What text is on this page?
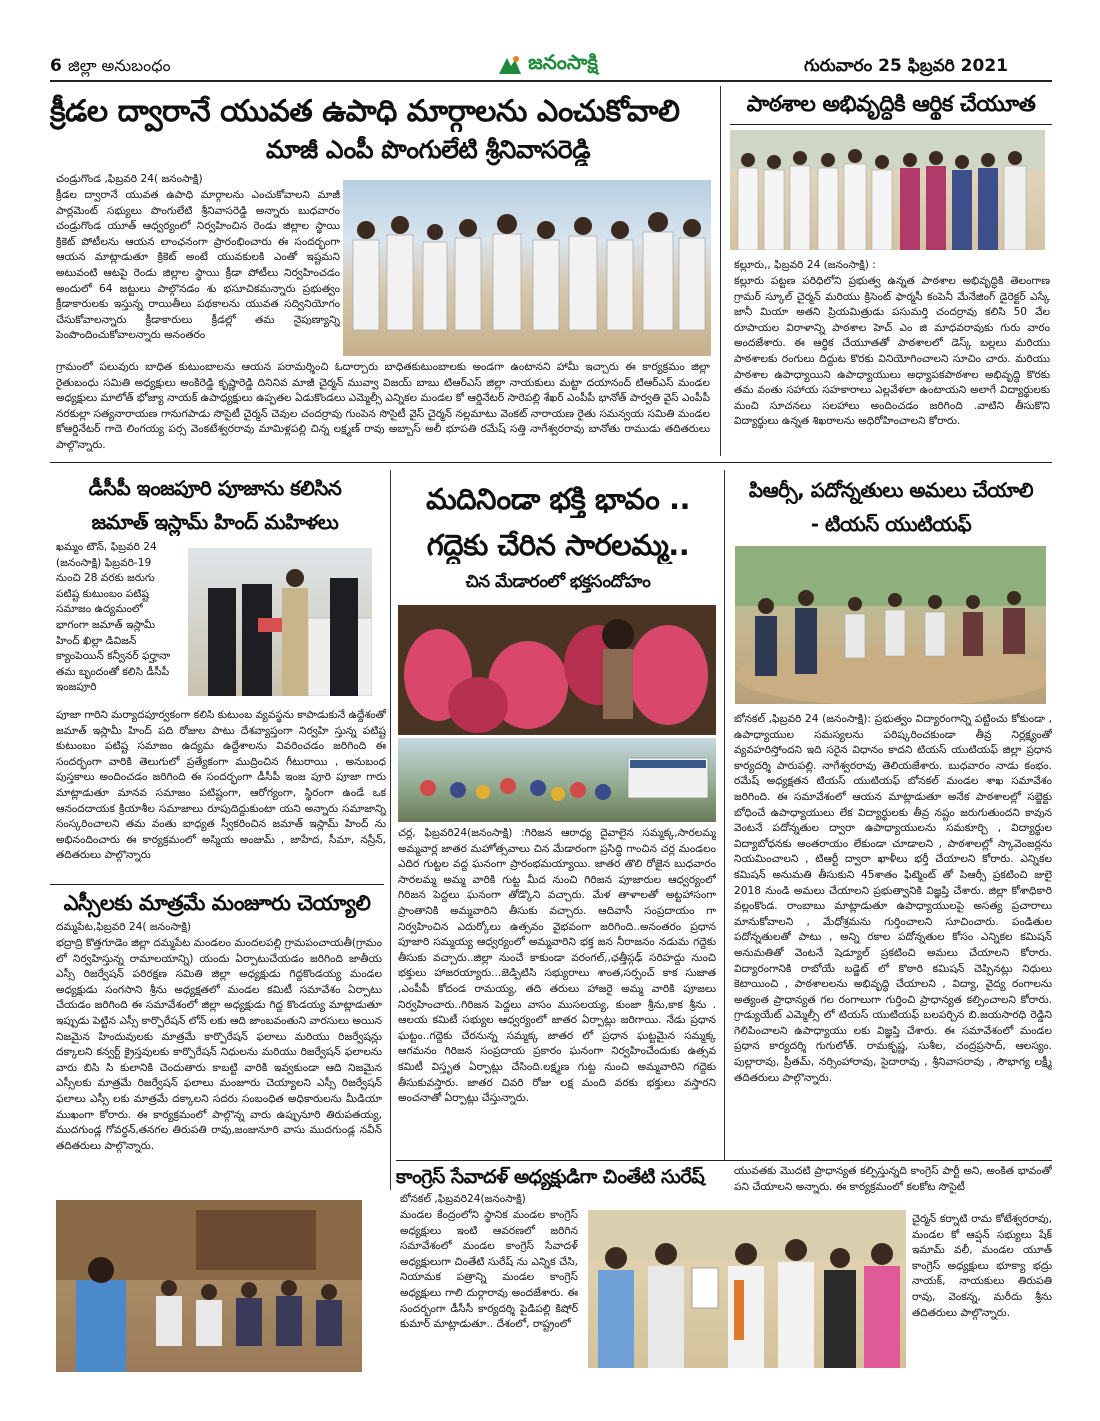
6 జిల్లా అనుబంధం	జనంసాక్షి	గురువారం 25 ఫిబ్రవరి 2021
క్రీడల ద్వారానే యువత ఉపాధి మార్గాలను ఎంచుకోవాలి
మాజీ ఎంపీ పొంగులేటి శ్రీనివాసరెడ్డి
చండ్రుగొండ ,ఫిబ్రవరి 24( జనంసాక్షి)
క్రీడల ద్వారానే యువత ఉపాధి మార్గాలను ఎంచుకోవాలని మాజీ పార్లమెంట్ సభ్యులు పొంగులేటి శ్రీనివాసరెడ్డి అన్నారు బుధవారం చండ్రుగొండ యూత్ ఆధ్వర్యంలో నిర్వహించిన రెండు జిల్లాల స్థాయి క్రికెట్ పోటీలను ఆయన లాంఛనంగా ప్రారంభించారు ఈ సందర్భంగా ఆయన మాట్లాడుతూ క్రికెట్ అంటే యువకులకి ఎంతో ఇష్టమని అటువంటి ఆటపై రెండు జిల్లాల స్థాయి క్రీడా పోటీలు నిర్వహించడం అందులో 64 జట్టులు పాల్గొనడం శు భసూచికమన్నారు ప్రభుత్వం క్రీడాకారులకు ఇస్తున్న రాయితీలు పథకాలను యువత సద్వినియోగం చేసుకోవాలన్నారు క్రీడాకారులు క్రీడల్లో తమ నైపుణ్యాన్ని పెంపొందించుకోవాలన్నారు అనంతరం
గ్రామంలో పలువురు బాధిత కుటుంబాలను ఆయన పరామర్శించి ఓదార్చారు బాధితకుటుంబాలకు అండగా ఉంటానని హామీ ఇచ్చారు ఈ కార్యక్రమం జిల్లా రైతుబంధు సమితి అధ్యక్షులు అంకిరెడ్డి కృష్ణారెడ్డి దినినివ మాజీ చైర్మన్ మువ్వా విజయ్ బాబు టిఆర్ఎస్ జిల్లా నాయకులు మట్టా దయానంద్ టిఆర్ఎస్ మండల అధ్యక్షులు మాలోత్ భోజ్యా నాయక్ ఉపాధ్యక్షులు ఉప్పతల ఏడుకొండలు ఎమ్మెల్సీ ఎన్నికల మండల కో ఆర్డినేటర్ సారెపల్లి శేఖర్ ఎంపీపీ భానోత్ పార్వతి వైస్ ఎంపీపీ నరకుల్లా సత్యనారాయణ గానుగపాడు సొసైటీ చైర్మన్ చెవుల చందర్రావు గుంపెన సొసైటీ వైస్ చైర్మన్ నల్లమాటు వెంకట్ నారాయణ రైతు సమన్వయ సమితి మండల కోఆర్డినేటర్ గాదె లింగయ్య పర్స వెంకటేశ్వరరావు మామిళ్లపల్లి చిన్న లక్ష్మణ్ రావు అబ్బాస్ అలీ భూపతి రమేష్ సత్తి నాగేశ్వరరావు బానోతు రాముడు తదితరులు పాల్గొన్నారు.
పాఠశాల అభివృద్ధికి ఆర్థిక చేయూత
కల్లూరు,, ఫిబ్రవరి 24 (జనంసాక్షి) :
కల్లూరు పట్టణ పరిధిలోని ప్రభుత్వ ఉన్నత పాఠశాల అభివృద్ధికి తెలంగాణ గ్రామర్ స్కూల్ చైర్మన్ మరియు క్రిసెంట్ ఫార్మసీ కంపెనీ మేనేజింగ్ డైరెక్టర్ ఎస్కే జానీ మియా అతని ప్రియమిత్రుడు పసుమర్తి చందర్రావు కలిసి 50 వేల రూపాయల విరాళాన్ని పాఠశాల హెచ్ ఎం జి మాధవరావుకు గురు వారం అందజేశారు. ఈ ఆర్థిక చేయూతతో పాఠశాలలో డెస్క్ బల్లలు మరియు పాఠశాలకు రంగులు దిద్దుట కొరకు వినియోగించాలని సూచిం చారు. మరియు పాఠశాల ఉపాధ్యాయిని ఉపాధ్యాయులు అధ్యాపకపాఠశాల అభివృద్ధి కొరకు తమ వంతు సహాయ సహకారాలు ఎల్లవేళలా ఉంటాయని అలాగే విద్యార్థులకు మంచి సూచనలు సలహాలు అందించడం జరిగింది .వాటిని తీసుకొని విద్యార్థులు ఉన్నత శిఖరాలను అధిరోహించాలని కోరారు.
డీసీపీ ఇంజపూరి పూజాను కలిసిన
జమాత్ ఇస్లామ్ హింద్ మహిళలు
ఖమ్మం టౌన్, ఫిబ్రవరి 24 (జనంసాక్షి) ఫిబ్రవరి-19 నుంచి 28 వరకు జరుగు పటిష్ట కుటుంబం పటిష్ట సమాజం ఉద్యమంలో భాగంగా జమాత్ ఇస్లామీ హింద్ ఖిల్లా డివిజన్ క్యాంపెయిన్ కన్వీనర్ ఫర్హానా తమ బృందంతో కలిసి డీసీపీ ఇంజపూరి
పూజా గారిని మర్యాదపూర్వకంగా కలిసి కుటుంబ వ్యవస్థను కాపాడుకునే ఉద్దేశంతో జమాత్ ఇస్లామీ హింద్ పది రోజుల పాటు దేశవ్యాప్తంగా నిర్వహి స్తున్న పటిష్ట కుటుంబం పటిష్ట సమాజం ఉద్యమ ఉద్దేశాలను వివరించడం జరిగింది ఈ సందర్భంగా వారికి తెలుగులో ప్రత్యేకంగా ముద్రించిన గీటురాయి , అనుబంధ పుస్తకాలు అందించడం జరిగింది ఈ సందర్భంగా డీసీపీ ఇంజ పూరి పూజా గారు మాట్లాడుతూ మానవ సమాజం పటిష్టంగా, ఆరోగ్యంగా, స్థిరంగా ఉండే ఒక ఆనందదాయక క్రియాశీల సమాజాలు రూపుదిద్దుకుంటా యని అన్నారు సమాజాన్ని సంస్కరించాలని తమ వంతు బాధ్యత స్వీకరించిన జమాత్ ఇస్లామ్ హింద్ ను అభినందించారు ఈ కార్యక్రమంలో అస్మియ అంజుమ్ , జాహేద, సీమా, నస్రీన్, తదితరులు పాల్గొన్నారు
మదినిండా భక్తి భావం ..
గద్దెకు చేరిన సారలమ్మ..
చిన మేడారంలో భక్తసందోహం
చర్ల, ఫిబ్రవరి24(జనంసాక్షి) :గిరిజన ఆరాధ్య దైవాలైన సమ్మక్క,సారలమ్మ అమ్మవార్ల జాతర మహోత్సవాలు చిన మేడారంగా ప్రసిద్ధి గాంచిన చర్ల మండలం ఎదిర గుట్టల వద్ద ఘనంగా ప్రారంభమయ్యాయి. జాతర తొలి రోజైన బుధవారం సారలమ్మ అమ్మ వారికి గుట్ట మీద నుంచి గిరిజన పూజారుల ఆధ్వర్యంలో గిరిజన పెద్దలు ఘనంగా తోడ్కొని వచ్చారు. మేళ తాళాలతో అట్టహాసంగా ప్రాంతానికి అమ్మవారిని తీసుకు వచ్చారు. ఆదివాసీ సంప్రదాయం గా నిర్వహించిన ఎదుర్కోలు ఉత్సవం వైభవంగా జరిగింది..అనంతరం ప్రధాన పూజారి సమ్మయ్య ఆధ్వర్యంలో అమ్మవారిని భక్త జన నీరాజనం నడుమ గద్దెకు తీసుకు వచ్చారు..జిల్లా నుంచే కాకుండా వరంగల్,,ఛత్తీస్గఢ్ సరిహద్దు నుంచి భక్తులు హాజరయ్యారు...జెడ్పిటిసి సభ్యురాలు శాంత,సర్పంచ్ కాక సుజాత ,ఎంపీపీ కోదండ రామయ్య, తది తరులు హాజరై అమ్మ వారికి పూజలు నిర్వహించారు..గిరిజన పెద్దలు వాసం ముసలయ్య, కుంజా శ్రీను,కాక శ్రీను . ఆలయ కమిటీ సభ్యుల ఆధ్వర్యంలో జాతర ఏర్పాట్లు జరిగాయి. నేడు ప్రధాన ఘట్టం..గద్దెకు చేరనున్న సమ్మక్క జాతర లో ప్రధాన ఘట్టమైన సమ్మక్క ఆగమనం గిరిజన సంప్రదాయ ప్రకారం ఘనంగా నిర్వహించేందుకు ఉత్సవ కమిటీ విస్తృత ఏర్పాట్లు చేసింది.లక్ష్మణ గుట్ట నుంచి అమ్మవారిని గద్దెకు తీసుకువస్తారు. జాతర చివరి రోజు లక్ష మంది వరకు భక్తులు వస్తారని అంచనాతో ఏర్పాట్లు చేస్తున్నారు.
పిఆర్సీ, పదోన్నతులు అమలు చేయాలి
- టియస్ యుటియఫ్
బోనకల్ ,ఫిబ్రవరి 24 (జనంసాక్షి): ప్రభుత్వం విద్యారంగాన్ని పట్టించు కోకుండా , ఉపాధ్యాయుల సమస్యలను పరిష్కరించకుండా తీవ్ర నిర్లక్ష్యంతో వ్యవహరిస్తోందని ఇది సరైన విధానం కాదని టియస్ యుటియఫ్ జిల్లా ప్రధాన కార్యదర్శి పారుపల్లి. నాగేశ్వరరావు తెలియజేశారు. బుధవారం నాడు కంభం. రమేష్ అధ్యక్షతన టియస్ యుటియఫ్ బోనకల్ మండల శాఖ సమావేశం జరిగింది. ఈ సమావేశంలో ఆయన మాట్లాడుతూ అనేక పాఠశాలల్లో సబ్జెక్టు బోధించే ఉపాధ్యాయులు లేక విద్యార్థులకు తీవ్ర నష్టం జరుగుతుందని కావున వెంటనే పదోన్నతుల ద్వారా ఉపాధ్యాయులను సమకూర్చి , విద్యార్థుల విద్యాబోధనకు అంతరాయం లేకుండా చూడాలని , పాఠశాలల్లో స్కావెంజర్లను నియమించాలని , టిఆర్టీ ద్వారా ఖాళీలు భర్తీ చేయాలని కోరారు. ఎన్నికల కమిషన్ అనుమతి తీసుకుని 45శాతం ఫిట్మెంట్ తో పిఆర్సీ ప్రకటించి జులై 2018 నుండి అమలు చేయాలని ప్రభుత్వానికి విజ్ఞప్తి చేశారు. జిల్లా కోశాధికారి వల్లంకొండ. రాంబాబు మాట్లాడుతూ ఉపాధ్యాయులపై అసత్య ప్రచారాలు మానుకోవాలని , మేధోశ్రమను గుర్తించాలని సూచించారు. పండితుల పదోన్నతులతో పాటు , అన్ని రకాల పదోన్నతుల కోసం ఎన్నికల కమిషన్ అనుమతితో వెంటనే షెడ్యూల్ ప్రకటించి అమలు చేయాలని కోరారు. విద్యారంగానికి రాబోయే బడ్జెట్ లో కొఠారి కమిషన్ చెప్పినట్లు నిధులు కెటాయించి , పాఠశాలలను అభివృద్ధి చేయాలని , విద్యా, వైద్య రంగాలను అత్యంత ప్రాధాన్యత గల రంగాలుగా గుర్తించి ప్రాధాన్యత కల్పించాలని కోరారు. గ్రాడ్యుయేట్ ఎమ్మెల్సీ లో టియస్ యుటియఫ్ బలపర్చిన బి.జయసారధి రెడ్డిని గెలిపించాలని ఉపాధ్యాయు లకు విజ్ఞప్తి చేశారు. ఈ సమావేశంలో మండల ప్రధాన కార్యదర్శి గుగులోత్. రామకృష్ణ, సుశీల, చంద్రప్రసాద్, ఆలస్యం. పుల్లారావు, ప్రీతమ్, నర్సింహారావు, సైదారావు , శ్రీనివాసరావు , సౌభాగ్య లక్ష్మీ తదితరులు పాల్గొన్నారు.
ఎస్సీలకు మాత్రమే మంజూరు చెయ్యాలి
దమ్మపేట,ఫిబ్రవరి 24( జనంసాక్షి)
భద్రాద్రి కొత్తగూడెం జిల్లా దమ్మపేట మండలం మందలపల్లి గ్రామపంచాయతీ(గ్రామం లో నిర్వహిస్తున్న రామాలయాన్ని) యందు ఏర్పాటుచేయడం జరిగింది జాతీయ ఎస్సీ రిజర్వేషన్ పరిరక్షణ సమితి జిల్లా అధ్యక్షుడు గిద్దకొండయ్య మండల అధ్యక్షుడు సంగసాని శ్రీను అధ్యక్షతలో మండల కమిటీ సమావేశం ఏర్పాటు చేయడం జరిగింది ఈ సమావేశంలో జిల్లా అధ్యక్షుడు గిద్ద కొండయ్య మాట్లాడుతూ ఇప్పుడు పెట్టిన ఎస్సీ కార్పొరేషన్ లోన్ లకు ఆది జాంబవంతుని వారసులు అయిన నిజమైన హిందువులకు మాత్రమే కార్పొరేషన్ ఫలాలు మరియు రిజర్వేషన్లు దక్కాలని కన్వర్ట్ క్రైస్తవులకు కార్పొరేషన్ నిధులను మరియు రిజర్వేషన్ ఫలాలను వారు బిసి సి కులానికి చెందుతారు కాబట్టి వారికి ఇవ్వకుండా ఆది నిజమైన ఎస్సీలకు మాత్రమే రిజర్వేషన్ ఫలాలు మంజూరు చెయ్యాలని ఎస్సీ రిజర్వేషన్ ఫలాలు ఎస్సీ లకు మాత్రమే దక్కాలని సదరు సంబంధిత అధికారులను మీడియా ముఖంగా కోరారు. ఈ కార్యక్రమంలో పాల్గొన్న వారు ఉప్పునూరి తిరుపతయ్య, ముదగుండ్ల గోవర్ధన్,తనగల తిరుపతి రావు,జంజునూరి వాసు ముదగుండ్ల నవీన్ తదితరులు పాల్గొన్నారు.
కాంగ్రెస్ సేవాదళ్ అధ్యక్షుడిగా చింతేటి సురేష్
బోనకల్ ,ఫిబ్రవరి24(జనంసాక్షి)
మండల కేంద్రంలోని స్థానిక మండల కాంగ్రెస్ అధ్యక్షులు ఇంటి ఆవరణలో జరిగిన సమావేశంలో మండల కాంగ్రెస్ సేవాదళ్ అధ్యక్షులుగా చింతేటి సురేష్ ను ఎన్నిక చేసి, నియామక పత్రాన్ని మండల కాంగ్రెస్ అధ్యక్షులు గాలి దుర్గారావు అందజేశారు. ఈ సందర్భంగా డీసీసీ కార్యదర్శి పైడిపల్లి కిషోర్ కుమార్ మాట్లాడుతూ.. దేశంలో, రాష్ట్రంలో
యువతకు మొదటి ప్రాధాన్యత కల్పిస్తున్నది కాంగ్రెస్ పార్టీ అని, అంకిత భావంతో పని చేయాలని అన్నారు. ఈ కార్యక్రమంలో కలకోట సొసైటీ
చైర్మన్ కర్నాటి రామ కోటేశ్వరరావు, మండల కో ఆప్షన్ సభ్యులు షేక్ ఇమామ్ వలీ, మండల యూత్ కాంగ్రెస్ అధ్యక్షులు భూక్యా భద్రు నాయక్, నాయకులు తిరుపతి రావు, వెంకన్న, మరీదు శ్రీను తదితరులు పాల్గొన్నారు.
